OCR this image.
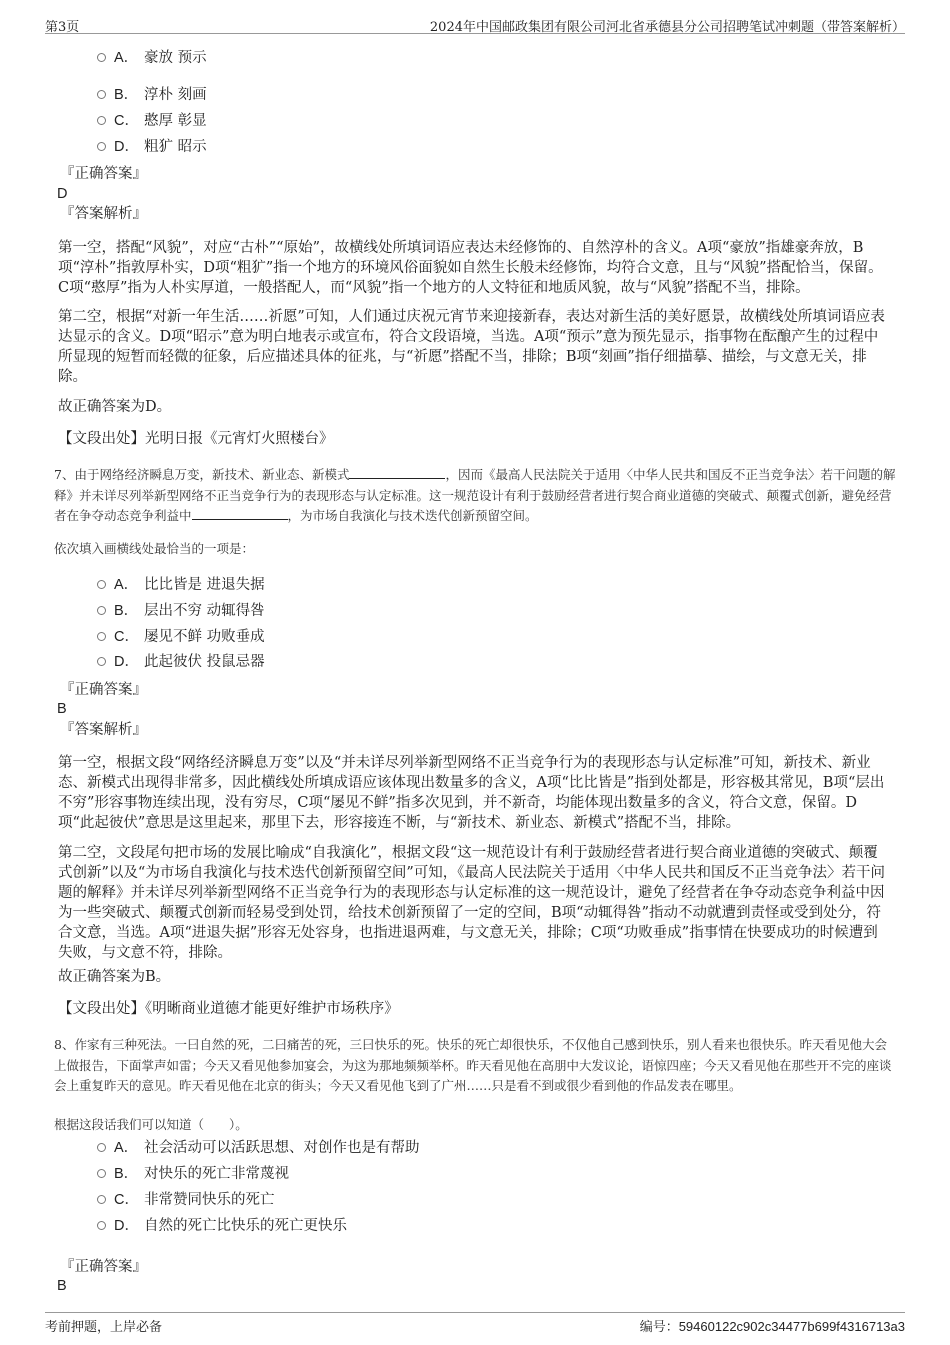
第3页	2024年中国邮政集团有限公司河北省承德县分公司招聘笔试冲刺题（带答案解析）
A． 豪放 预示
B． 淳朴 刻画
C． 憨厚 彰显
D． 粗犷 昭示
『正确答案』
D
『答案解析』
第一空，搭配“风貌”，对应“古朴”“原始”，故横线处所填词语应表达未经修饰的、自然淳朴的含义。A项“豪放”指雄豪奔放，B项“淳朴”指敦厚朴实，D项“粗犷”指一个地方的环境风俗面貌如自然生长般未经修饰，均符合文意，且与“风貌”搭配恰当，保留。C项“憨厚”指为人朴实厚道，一般搭配人，而“风貌”指一个地方的人文特征和地质风貌，故与“风貌”搭配不当，排除。
第二空，根据“对新一年生活……祈愿”可知，人们通过庆祝元宵节来迎接新春，表达对新生活的美好愿景，故横线处所填词语应表达显示的含义。D项“昭示”意为明白地表示或宣布，符合文段语境，当选。A项“预示”意为预先显示，指事物在酝酿产生的过程中所显现的短暂而轻微的征象，后应描述具体的征兆，与“祈愿”搭配不当，排除；B项“刻画”指仔细描摹、描绘，与文意无关，排除。
故正确答案为D。
【文段出处】光明日报《元宵灯火照楼台》
7、由于网络经济瞬息万变，新技术、新业态、新模式	，因而《最高人民法院关于适用〈中华人民共和国反不正当竞争法〉若干问题的解释》并未详尽列举新型网络不正当竞争行为的表现形态与认定标准。这一规范设计有利于鼓励经营者进行契合商业道德的突破式、颠覆式创新，避免经营者在争夺动态竞争利益中	，为市场自我演化与技术迭代创新预留空间。
依次填入画横线处最恰当的一项是：
A． 比比皆是 进退失据
B． 层出不穷 动辄得咎
C． 屡见不鲜 功败垂成
D． 此起彼伏 投鼠忌器
『正确答案』
B
『答案解析』
第一空，根据文段“网络经济瞬息万变”以及“并未详尽列举新型网络不正当竞争行为的表现形态与认定标准”可知，新技术、新业态、新模式出现得非常多，因此横线处所填成语应该体现出数量多的含义，A项“比比皆是”指到处都是，形容极其常见，B项“层出不穷”形容事物连续出现，没有穷尽，C项“屡见不鲜”指多次见到，并不新奇，均能体现出数量多的含义，符合文意，保留。D项“此起彼伏”意思是这里起来，那里下去，形容接连不断，与“新技术、新业态、新模式”搭配不当，排除。
第二空，文段尾句把市场的发展比喻成“自我演化”，根据文段“这一规范设计有利于鼓励经营者进行契合商业道德的突破式、颠覆式创新”以及“为市场自我演化与技术迭代创新预留空间”可知，《最高人民法院关于适用〈中华人民共和国反不正当竞争法〉若干问题的解释》并未详尽列举新型网络不正当竞争行为的表现形态与认定标准的这一规范设计，避免了经营者在争夺动态竞争利益中因为一些突破式、颠覆式创新而轻易受到处罚，给技术创新预留了一定的空间，B项“动辄得咎”指动不动就遭到责怪或受到处分，符合文意，当选。A项“进退失据”形容无处容身，也指进退两难，与文意无关，排除；C项“功败垂成”指事情在快要成功的时候遭到失败，与文意不符，排除。
故正确答案为B。
【文段出处】《明晰商业道德才能更好维护市场秩序》
8、作家有三种死法。一曰自然的死，二曰痛苦的死，三曰快乐的死。快乐的死亡却很快乐，不仅他自己感到快乐，别人看来也很快乐。昨天看见他大会上做报告，下面掌声如雷；今天又看见他参加宴会，为这为那地频频举杯。昨天看见他在高朋中大发议论，语惊四座；今天又看见他在那些开不完的座谈会上重复昨天的意见。昨天看见他在北京的街头；今天又看见他飞到了广州……只是看不到或很少看到他的作品发表在哪里。
根据这段话我们可以知道（　　）。
A． 社会活动可以活跃思想、对创作也是有帮助
B． 对快乐的死亡非常蔑视
C． 非常赞同快乐的死亡
D． 自然的死亡比快乐的死亡更快乐
『正确答案』
B
考前押题，上岸必备	编号：59460122c902c34477b699f4316713a3
